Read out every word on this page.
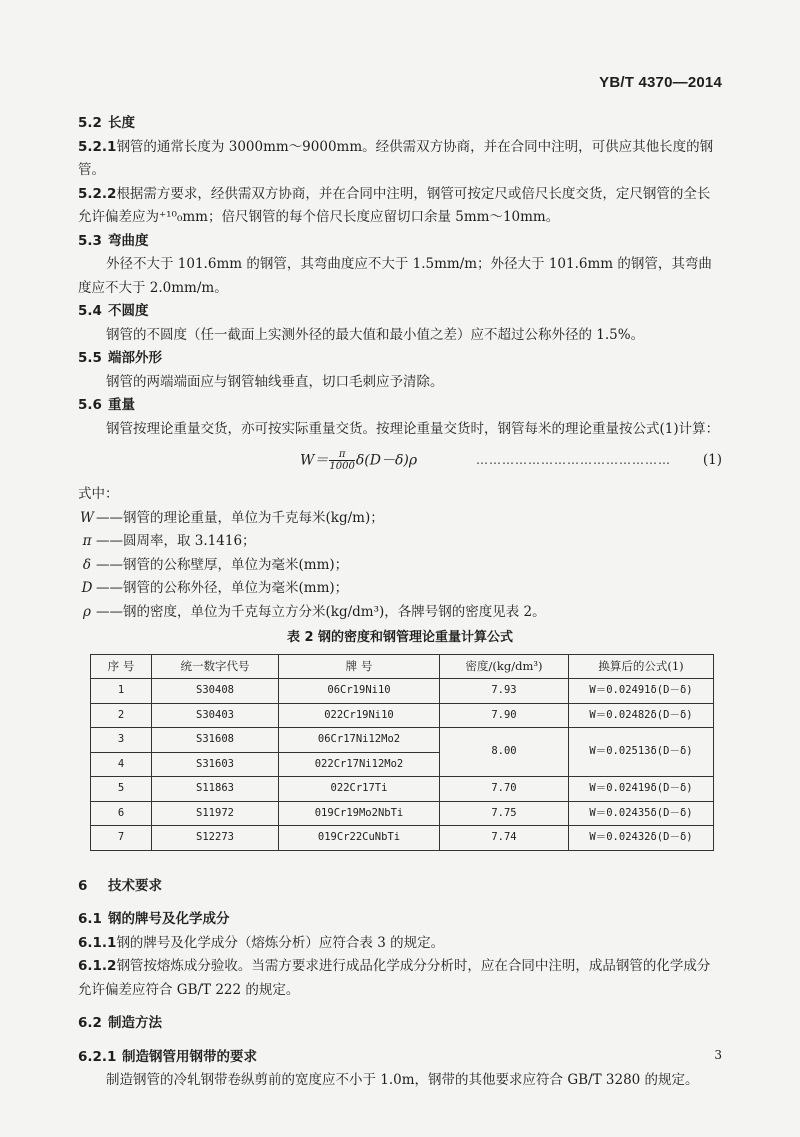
YB/T 4370—2014
5.2 长度

5.2.1钢管的通常长度为 3000mm～9000mm。经供需双方协商，并在合同中注明，可供应其他长度的钢管。

5.2.2根据需方要求，经供需双方协商，并在合同中注明，钢管可按定尺或倍尺长度交货，定尺钢管的全长允许偏差应为⁺¹⁰₀mm；倍尺钢管的每个倍尺长度应留切口余量 5mm～10mm。

5.3 弯曲度

外径不大于 101.6mm 的钢管，其弯曲度应不大于 1.5mm/m；外径大于 101.6mm 的钢管，其弯曲度应不大于 2.0mm/m。

5.4 不圆度

钢管的不圆度（任一截面上实测外径的最大值和最小值之差）应不超过公称外径的 1.5%。

5.5 端部外形

钢管的两端端面应与钢管轴线垂直，切口毛刺应予清除。

5.6 重量

钢管按理论重量交货，亦可按实际重量交货。按理论重量交货时，钢管每米的理论重量按公式(1)计算：

$W= \frac{\pi}{1000} \delta(D-\delta)\rho$	……………………………………… (1)
式中：
W ——钢管的理论重量，单位为千克每米(kg/m)；
π ——圆周率，取 3.1416；
δ ——钢管的公称壁厚，单位为毫米(mm)；
D ——钢管的公称外径，单位为毫米(mm)；
ρ ——钢的密度，单位为千克每立方分米(kg/dm³)，各牌号钢的密度见表 2。
表 2 钢的密度和钢管理论重量计算公式
序 号	统一数字代号	牌 号	密度/(kg/dm³)	换算后的公式(1)
1	S30408	06Cr19Ni10	7.93	W＝0.02491δ(D－δ)
2	S30403	022Cr19Ni10	7.90	W＝0.02482δ(D－δ)
3	S31608	06Cr17Ni12Mo2	8.00	W＝0.02513δ(D－δ)
4	S31603	022Cr17Ni12Mo2		
5	S11863	022Cr17Ti	7.70	W＝0.02419δ(D－δ)
6	S11972	019Cr19Mo2NbTi	7.75	W＝0.02435δ(D－δ)
7	S12273	019Cr22CuNbTi	7.74	W＝0.02432δ(D－δ)
6 技术要求
6.1 钢的牌号及化学成分

6.1.1钢的牌号及化学成分（熔炼分析）应符合表 3 的规定。

6.1.2钢管按熔炼成分验收。当需方要求进行成品化学成分分析时，应在合同中注明，成品钢管的化学成分允许偏差应符合 GB/T 222 的规定。

6.2 制造方法
6.2.1 制造钢管用钢带的要求

制造钢管的冷轧钢带卷纵剪前的宽度应不小于 1.0m，钢带的其他要求应符合 GB/T 3280 的规定。

3
